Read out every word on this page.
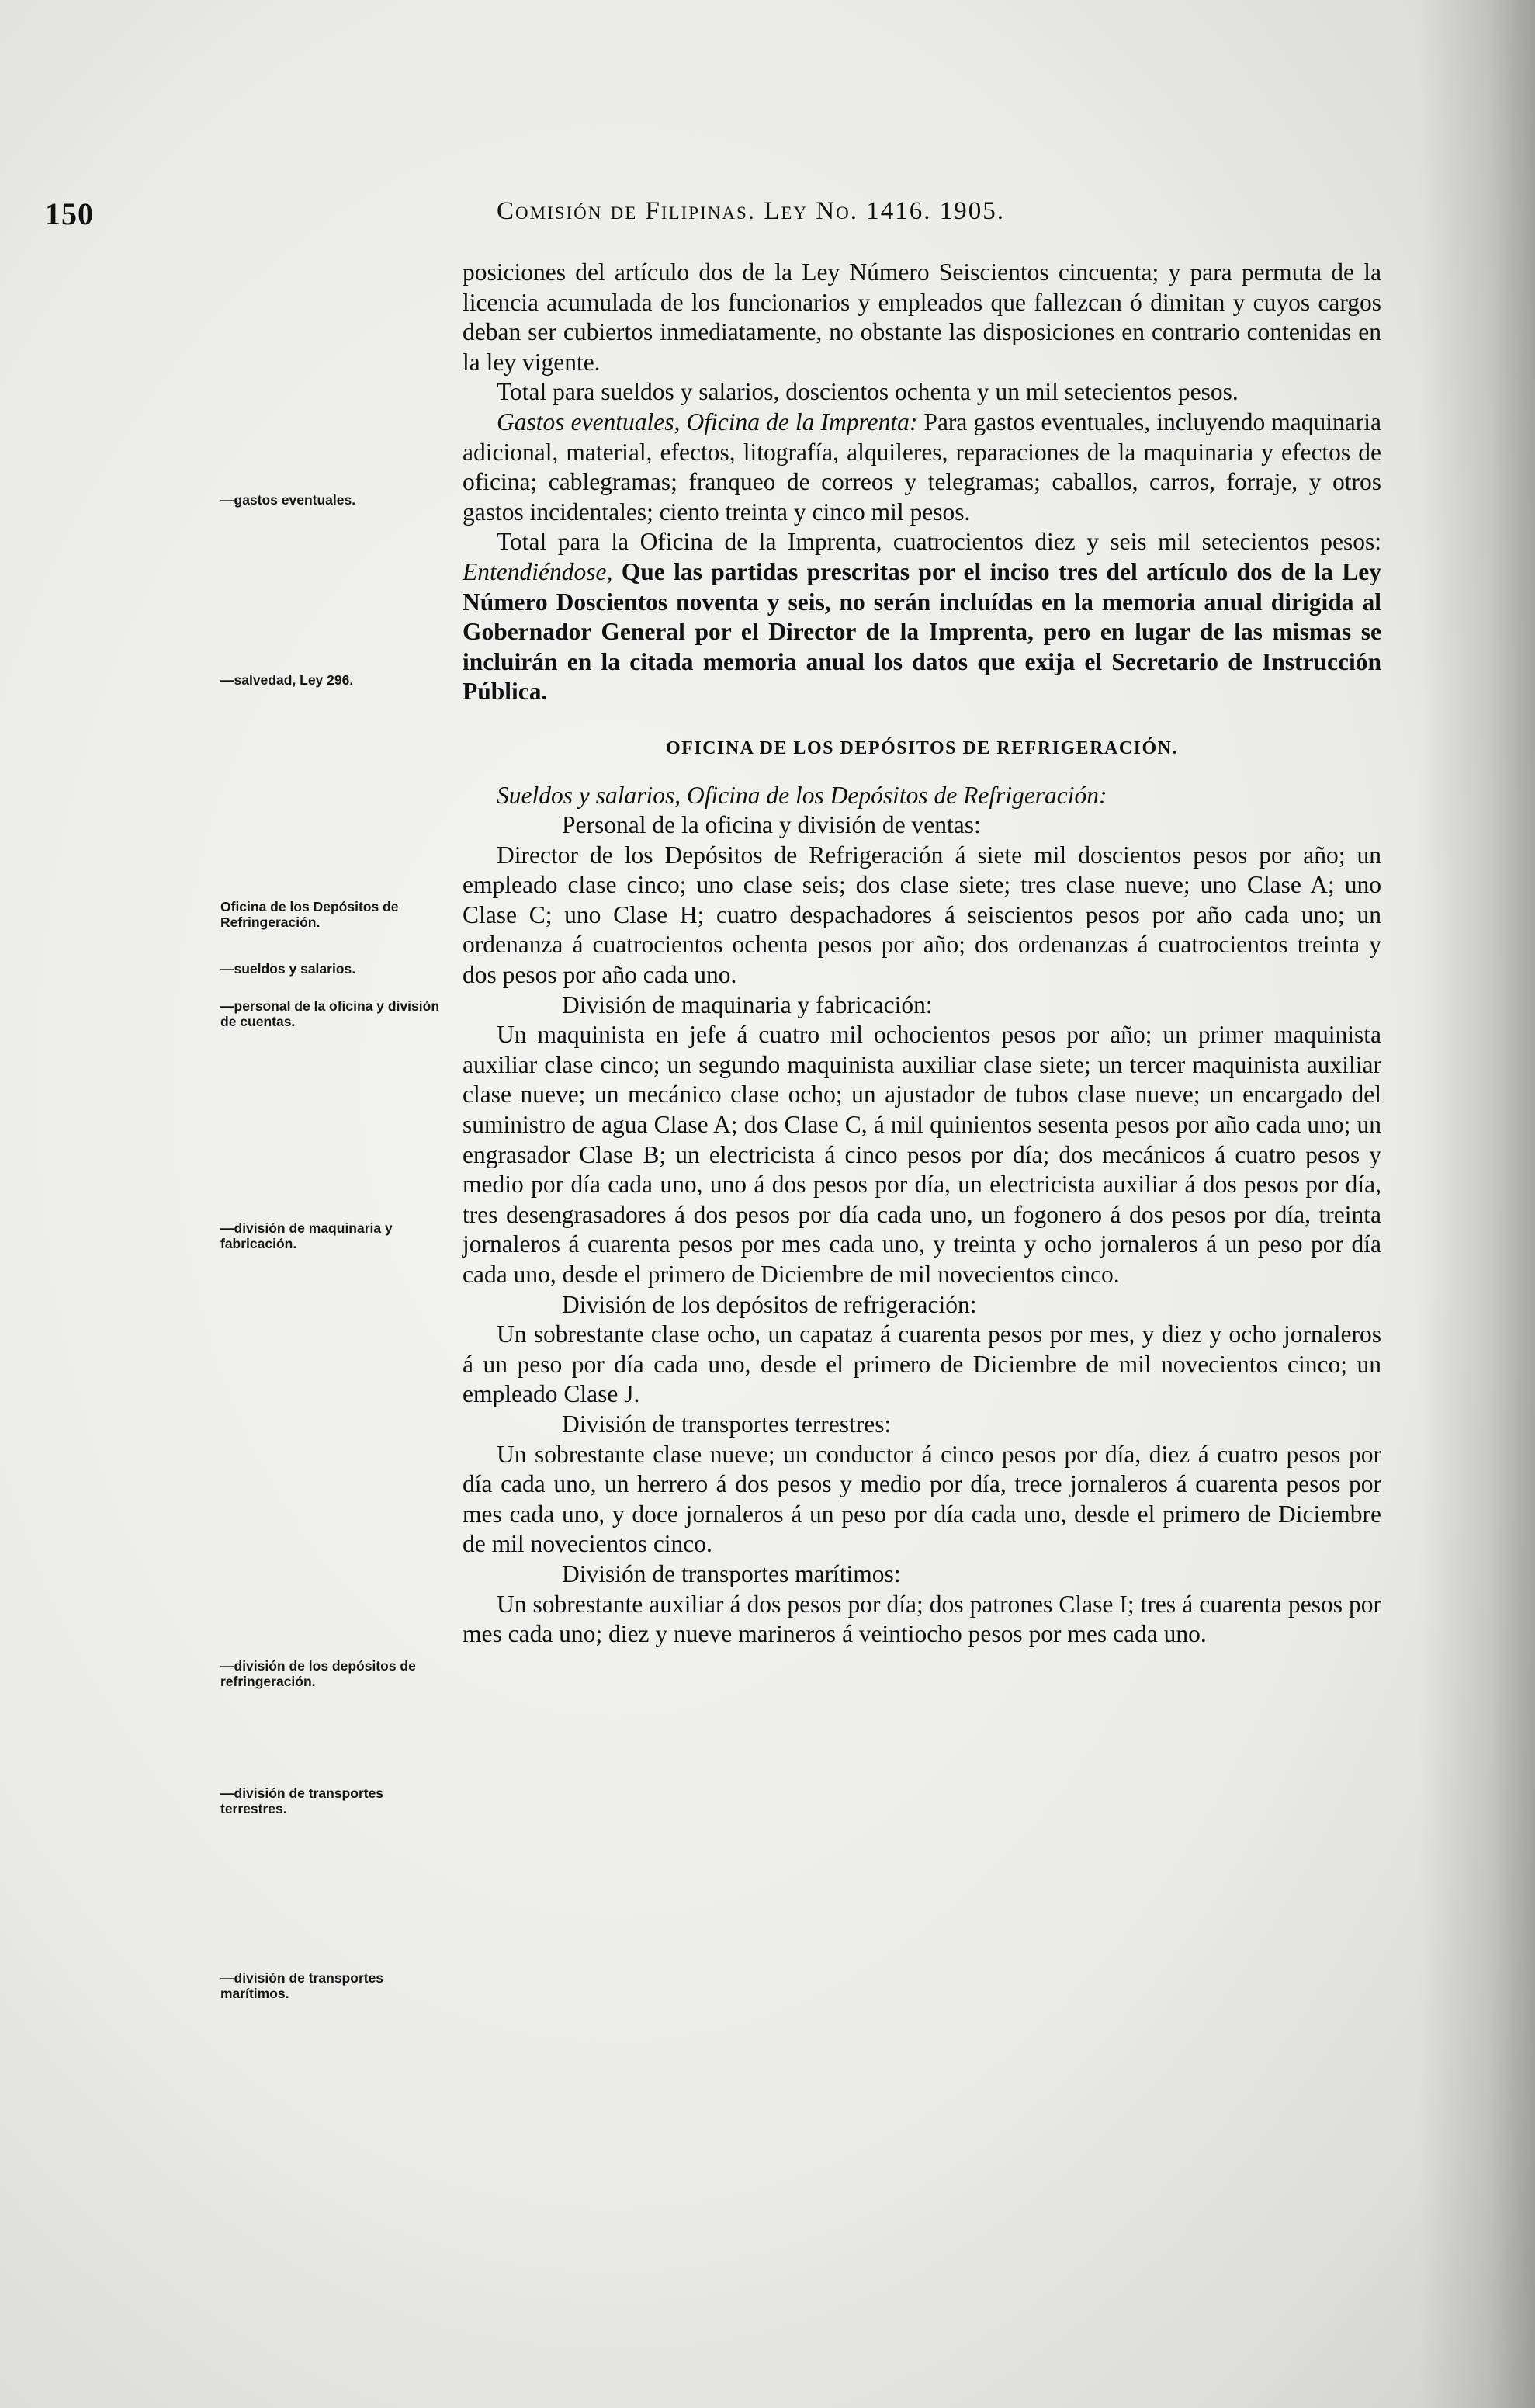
150	Comisión de Filipinas. Ley No. 1416. 1905.
—gastos eventuales.
—salvedad, Ley 296.
Oficina de los Depósitos de Refringeración.
—sueldos y salarios.
—personal de la oficina y división de cuentas.
—división de maquinaria y fabricación.
—división de los depósitos de refringeración.
—división de transportes terrestres.
—división de transportes marítimos.

posiciones del artículo dos de la Ley Número Seiscientos cincuenta; y para permuta de la licencia acumulada de los funcionarios y empleados que fallezcan ó dimitan y cuyos cargos deban ser cubiertos inmediatamente, no obstante las disposiciones en contrario contenidas en la ley vigente.

Total para sueldos y salarios, doscientos ochenta y un mil setecientos pesos.

Gastos eventuales, Oficina de la Imprenta: Para gastos eventuales, incluyendo maquinaria adicional, material, efectos, litografía, alquileres, reparaciones de la maquinaria y efectos de oficina; cablegramas; franqueo de correos y telegramas; caballos, carros, forraje, y otros gastos incidentales; ciento treinta y cinco mil pesos.

Total para la Oficina de la Imprenta, cuatrocientos diez y seis mil setecientos pesos: Entendiéndose, Que las partidas prescritas por el inciso tres del artículo dos de la Ley Número Doscientos noventa y seis, no serán incluídas en la memoria anual dirigida al Gobernador General por el Director de la Imprenta, pero en lugar de las mismas se incluirán en la citada memoria anual los datos que exija el Secretario de Instrucción Pública.

OFICINA DE LOS DEPÓSITOS DE REFRIGERACIÓN.

Sueldos y salarios, Oficina de los Depósitos de Refrigeración:

Personal de la oficina y división de ventas:

Director de los Depósitos de Refrigeración á siete mil doscientos pesos por año; un empleado clase cinco; uno clase seis; dos clase siete; tres clase nueve; uno Clase A; uno Clase C; uno Clase H; cuatro despachadores á seiscientos pesos por año cada uno; un ordenanza á cuatrocientos ochenta pesos por año; dos ordenanzas á cuatrocientos treinta y dos pesos por año cada uno.

División de maquinaria y fabricación:

Un maquinista en jefe á cuatro mil ochocientos pesos por año; un primer maquinista auxiliar clase cinco; un segundo maquinista auxiliar clase siete; un tercer maquinista auxiliar clase nueve; un mecánico clase ocho; un ajustador de tubos clase nueve; un encargado del suministro de agua Clase A; dos Clase C, á mil quinientos sesenta pesos por año cada uno; un engrasador Clase B; un electricista á cinco pesos por día; dos mecánicos á cuatro pesos y medio por día cada uno, uno á dos pesos por día, un electricista auxiliar á dos pesos por día, tres desengrasadores á dos pesos por día cada uno, un fogonero á dos pesos por día, treinta jornaleros á cuarenta pesos por mes cada uno, y treinta y ocho jornaleros á un peso por día cada uno, desde el primero de Diciembre de mil novecientos cinco.

División de los depósitos de refrigeración:

Un sobrestante clase ocho, un capataz á cuarenta pesos por mes, y diez y ocho jornaleros á un peso por día cada uno, desde el primero de Diciembre de mil novecientos cinco; un empleado Clase J.

División de transportes terrestres:

Un sobrestante clase nueve; un conductor á cinco pesos por día, diez á cuatro pesos por día cada uno, un herrero á dos pesos y medio por día, trece jornaleros á cuarenta pesos por mes cada uno, y doce jornaleros á un peso por día cada uno, desde el primero de Diciembre de mil novecientos cinco.

División de transportes marítimos:

Un sobrestante auxiliar á dos pesos por día; dos patrones Clase I; tres á cuarenta pesos por mes cada uno; diez y nueve marineros á veintiocho pesos por mes cada uno.
